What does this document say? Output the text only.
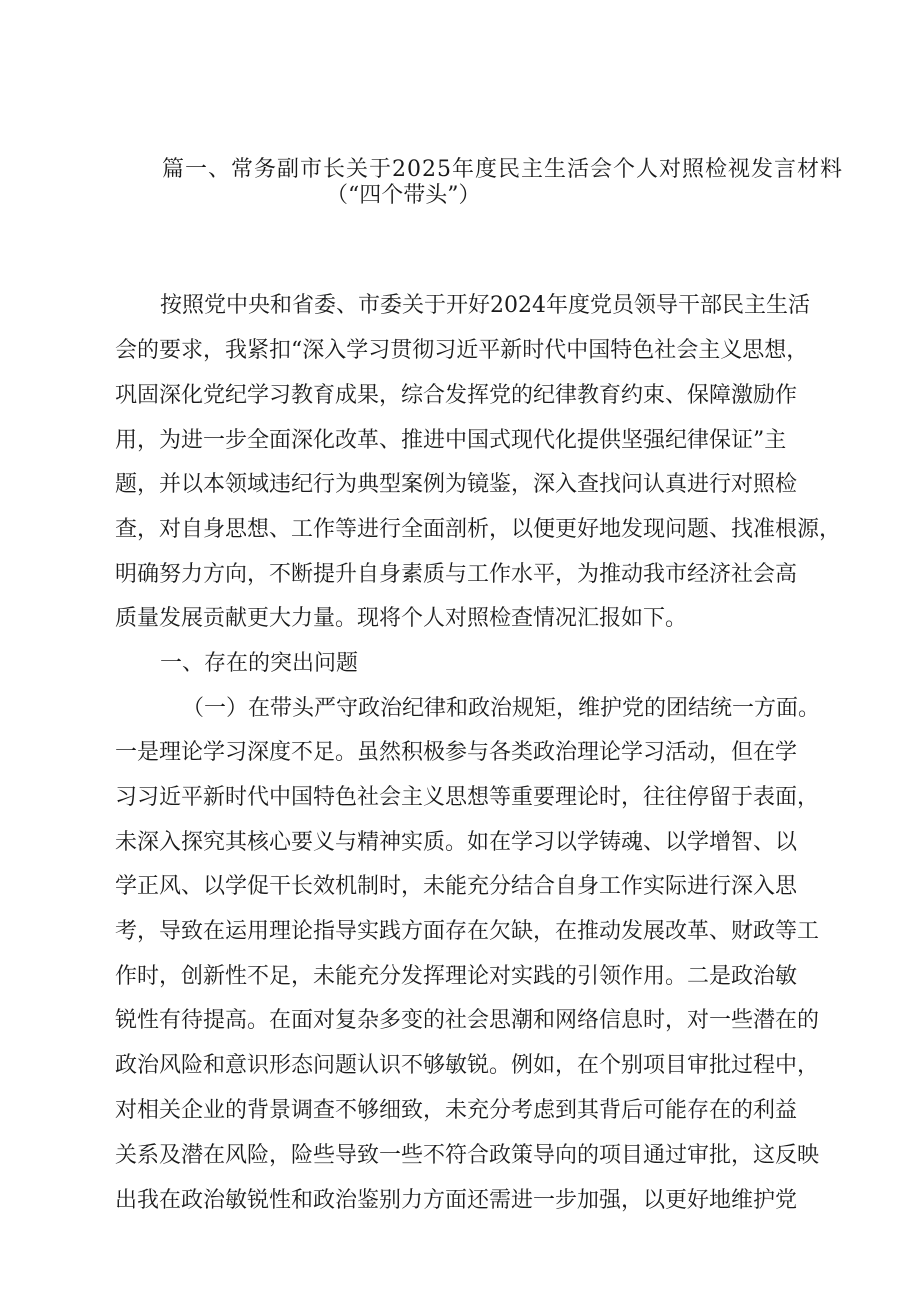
篇一、常务副市长关于2025年度民主生活会个人对照检视发言材料
（“四个带头”）
按照党中央和省委、市委关于开好2024年度党员领导干部民主生活
会的要求，我紧扣“深入学习贯彻习近平新时代中国特色社会主义思想，
巩固深化党纪学习教育成果，综合发挥党的纪律教育约束、保障激励作
用，为进一步全面深化改革、推进中国式现代化提供坚强纪律保证”主
题，并以本领域违纪行为典型案例为镜鉴，深入查找问认真进行对照检
查，对自身思想、工作等进行全面剖析，以便更好地发现问题、找准根源，
明确努力方向，不断提升自身素质与工作水平，为推动我市经济社会高
质量发展贡献更大力量。现将个人对照检查情况汇报如下。
一、存在的突出问题
（一）在带头严守政治纪律和政治规矩，维护党的团结统一方面。
一是理论学习深度不足。虽然积极参与各类政治理论学习活动，但在学
习习近平新时代中国特色社会主义思想等重要理论时，往往停留于表面，
未深入探究其核心要义与精神实质。如在学习以学铸魂、以学增智、以
学正风、以学促干长效机制时，未能充分结合自身工作实际进行深入思
考，导致在运用理论指导实践方面存在欠缺，在推动发展改革、财政等工
作时，创新性不足，未能充分发挥理论对实践的引领作用。二是政治敏
锐性有待提高。在面对复杂多变的社会思潮和网络信息时，对一些潜在的
政治风险和意识形态问题认识不够敏锐。例如，在个别项目审批过程中，
对相关企业的背景调查不够细致，未充分考虑到其背后可能存在的利益
关系及潜在风险，险些导致一些不符合政策导向的项目通过审批，这反映
出我在政治敏锐性和政治鉴别力方面还需进一步加强，以更好地维护党
